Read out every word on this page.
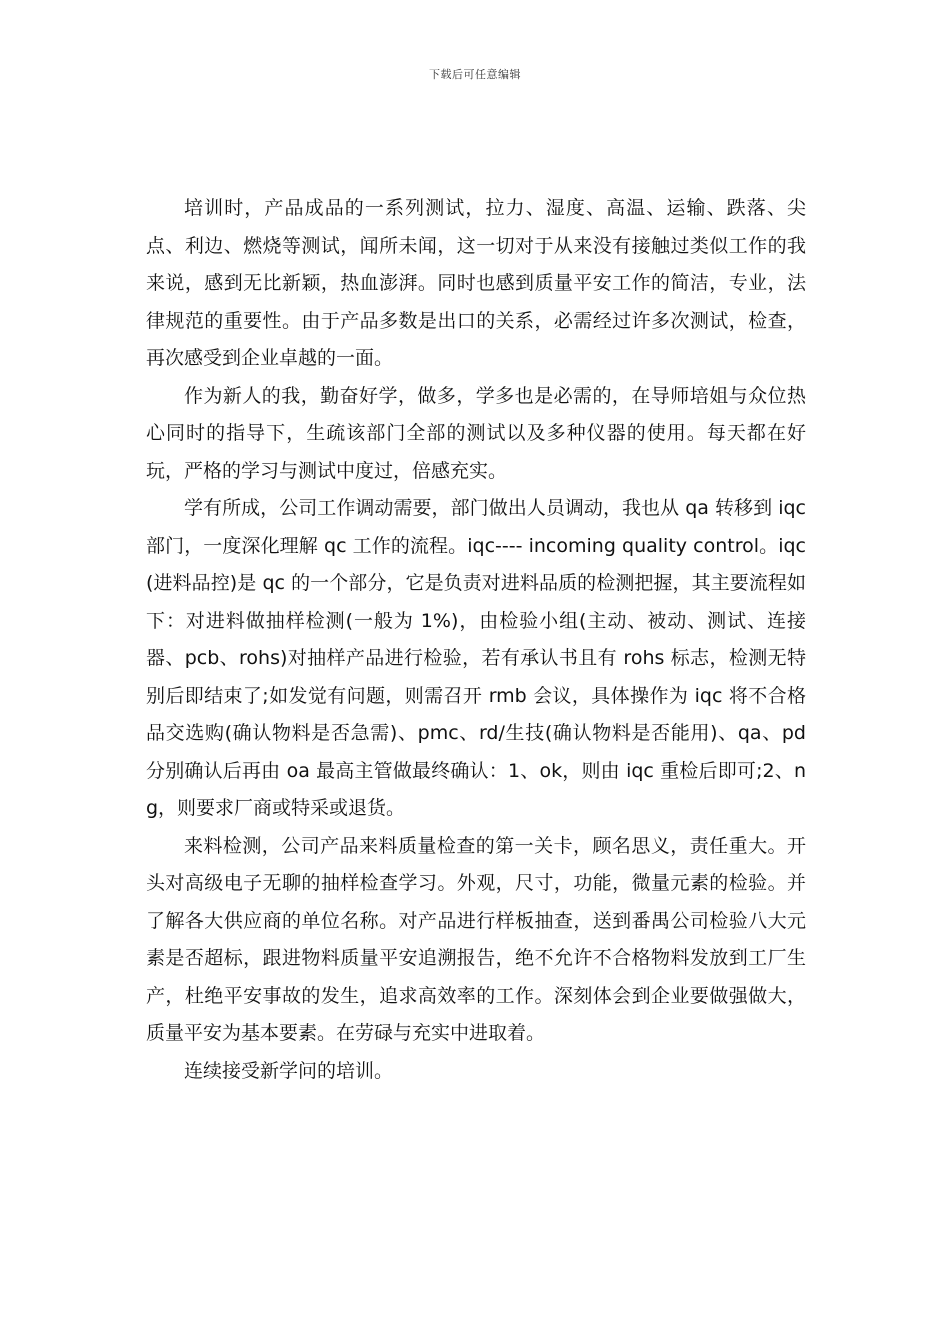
下载后可任意编辑

培训时，产品成品的一系列测试，拉力、湿度、高温、运输、跌落、尖点、利边、燃烧等测试，闻所未闻，这一切对于从来没有接触过类似工作的我来说，感到无比新颖，热血澎湃。同时也感到质量平安工作的简洁，专业，法律规范的重要性。由于产品多数是出口的关系，必需经过许多次测试，检查，再次感受到企业卓越的一面。

作为新人的我，勤奋好学，做多，学多也是必需的，在导师培姐与众位热心同时的指导下，生疏该部门全部的测试以及多种仪器的使用。每天都在好玩，严格的学习与测试中度过，倍感充实。

学有所成，公司工作调动需要，部门做出人员调动，我也从 qa 转移到 iqc 部门，一度深化理解 qc 工作的流程。iqc---- incoming quality control。iqc(进料品控)是 qc 的一个部分，它是负责对进料品质的检测把握，其主要流程如下：对进料做抽样检测(一般为 1%)，由检验小组(主动、被动、测试、连接器、pcb、rohs)对抽样产品进行检验，若有承认书且有 rohs 标志，检测无特别后即结束了;如发觉有问题，则需召开 rmb 会议，具体操作为 iqc 将不合格品交选购(确认物料是否急需)、pmc、rd/生技(确认物料是否能用)、qa、pd 分别确认后再由 oa 最高主管做最终确认：1、ok，则由 iqc 重检后即可;2、ng，则要求厂商或特采或退货。

来料检测，公司产品来料质量检查的第一关卡，顾名思义，责任重大。开头对高级电子无聊的抽样检查学习。外观，尺寸，功能，微量元素的检验。并了解各大供应商的单位名称。对产品进行样板抽查，送到番禺公司检验八大元素是否超标，跟进物料质量平安追溯报告，绝不允许不合格物料发放到工厂生产，杜绝平安事故的发生，追求高效率的工作。深刻体会到企业要做强做大，质量平安为基本要素。在劳碌与充实中进取着。

连续接受新学问的培训。
